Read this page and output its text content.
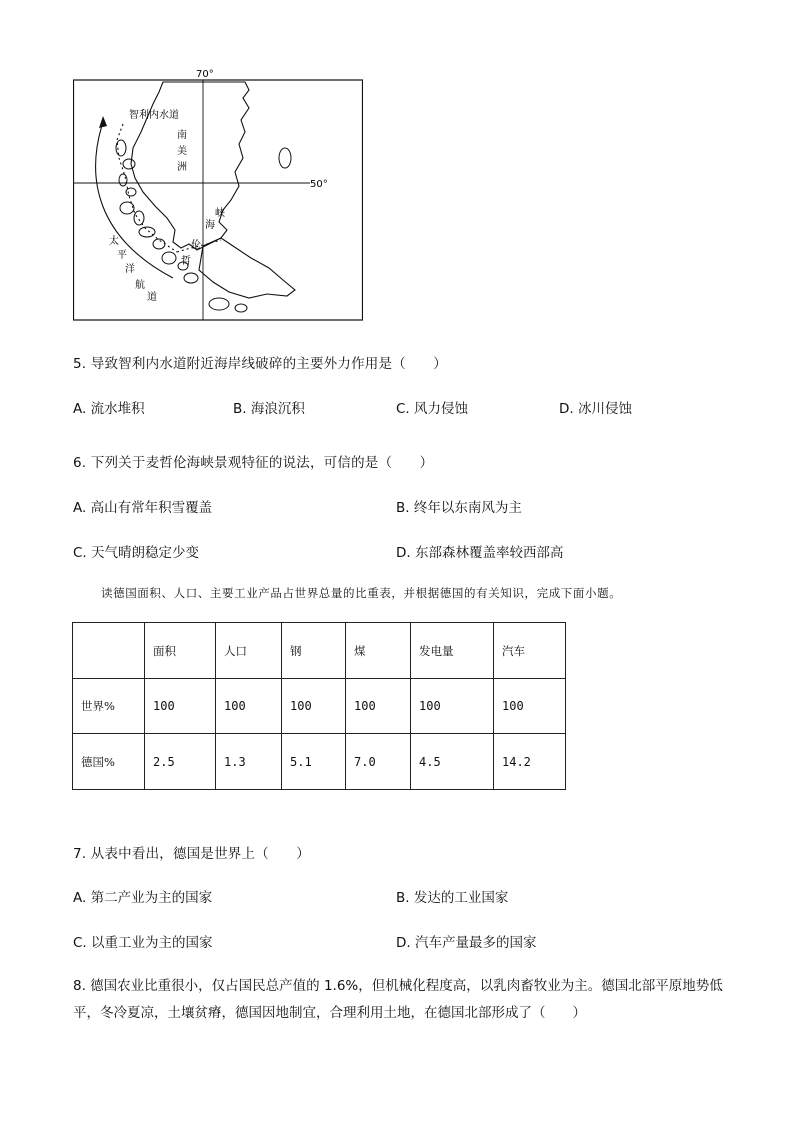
70°
50°
智利内水道
南
美
洲
太
平
洋
航
道
海
峡
伦
哲
5. 导致智利内水道附近海岸线破碎的主要外力作用是（　　）
A. 流水堆积	B. 海浪沉积	C. 风力侵蚀	D. 冰川侵蚀
6. 下列关于麦哲伦海峡景观特征的说法，可信的是（　　）
A. 高山有常年积雪覆盖	B. 终年以东南风为主
C. 天气晴朗稳定少变	D. 东部森林覆盖率较西部高
读德国面积、人口、主要工业产品占世界总量的比重表，并根据德国的有关知识，完成下面小题。
	面积	人口	钢	煤	发电量	汽车
世界%	100	100	100	100	100	100
德国%	2.5	1.3	5.1	7.0	4.5	14.2
7. 从表中看出，德国是世界上（　　）
A. 第二产业为主的国家	B. 发达的工业国家
C. 以重工业为主的国家	D. 汽车产量最多的国家
8. 德国农业比重很小，仅占国民总产值的 1.6%，但机械化程度高，以乳肉畜牧业为主。德国北部平原地势低平，冬冷夏凉，土壤贫瘠，德国因地制宜，合理利用土地，在德国北部形成了（　　）
